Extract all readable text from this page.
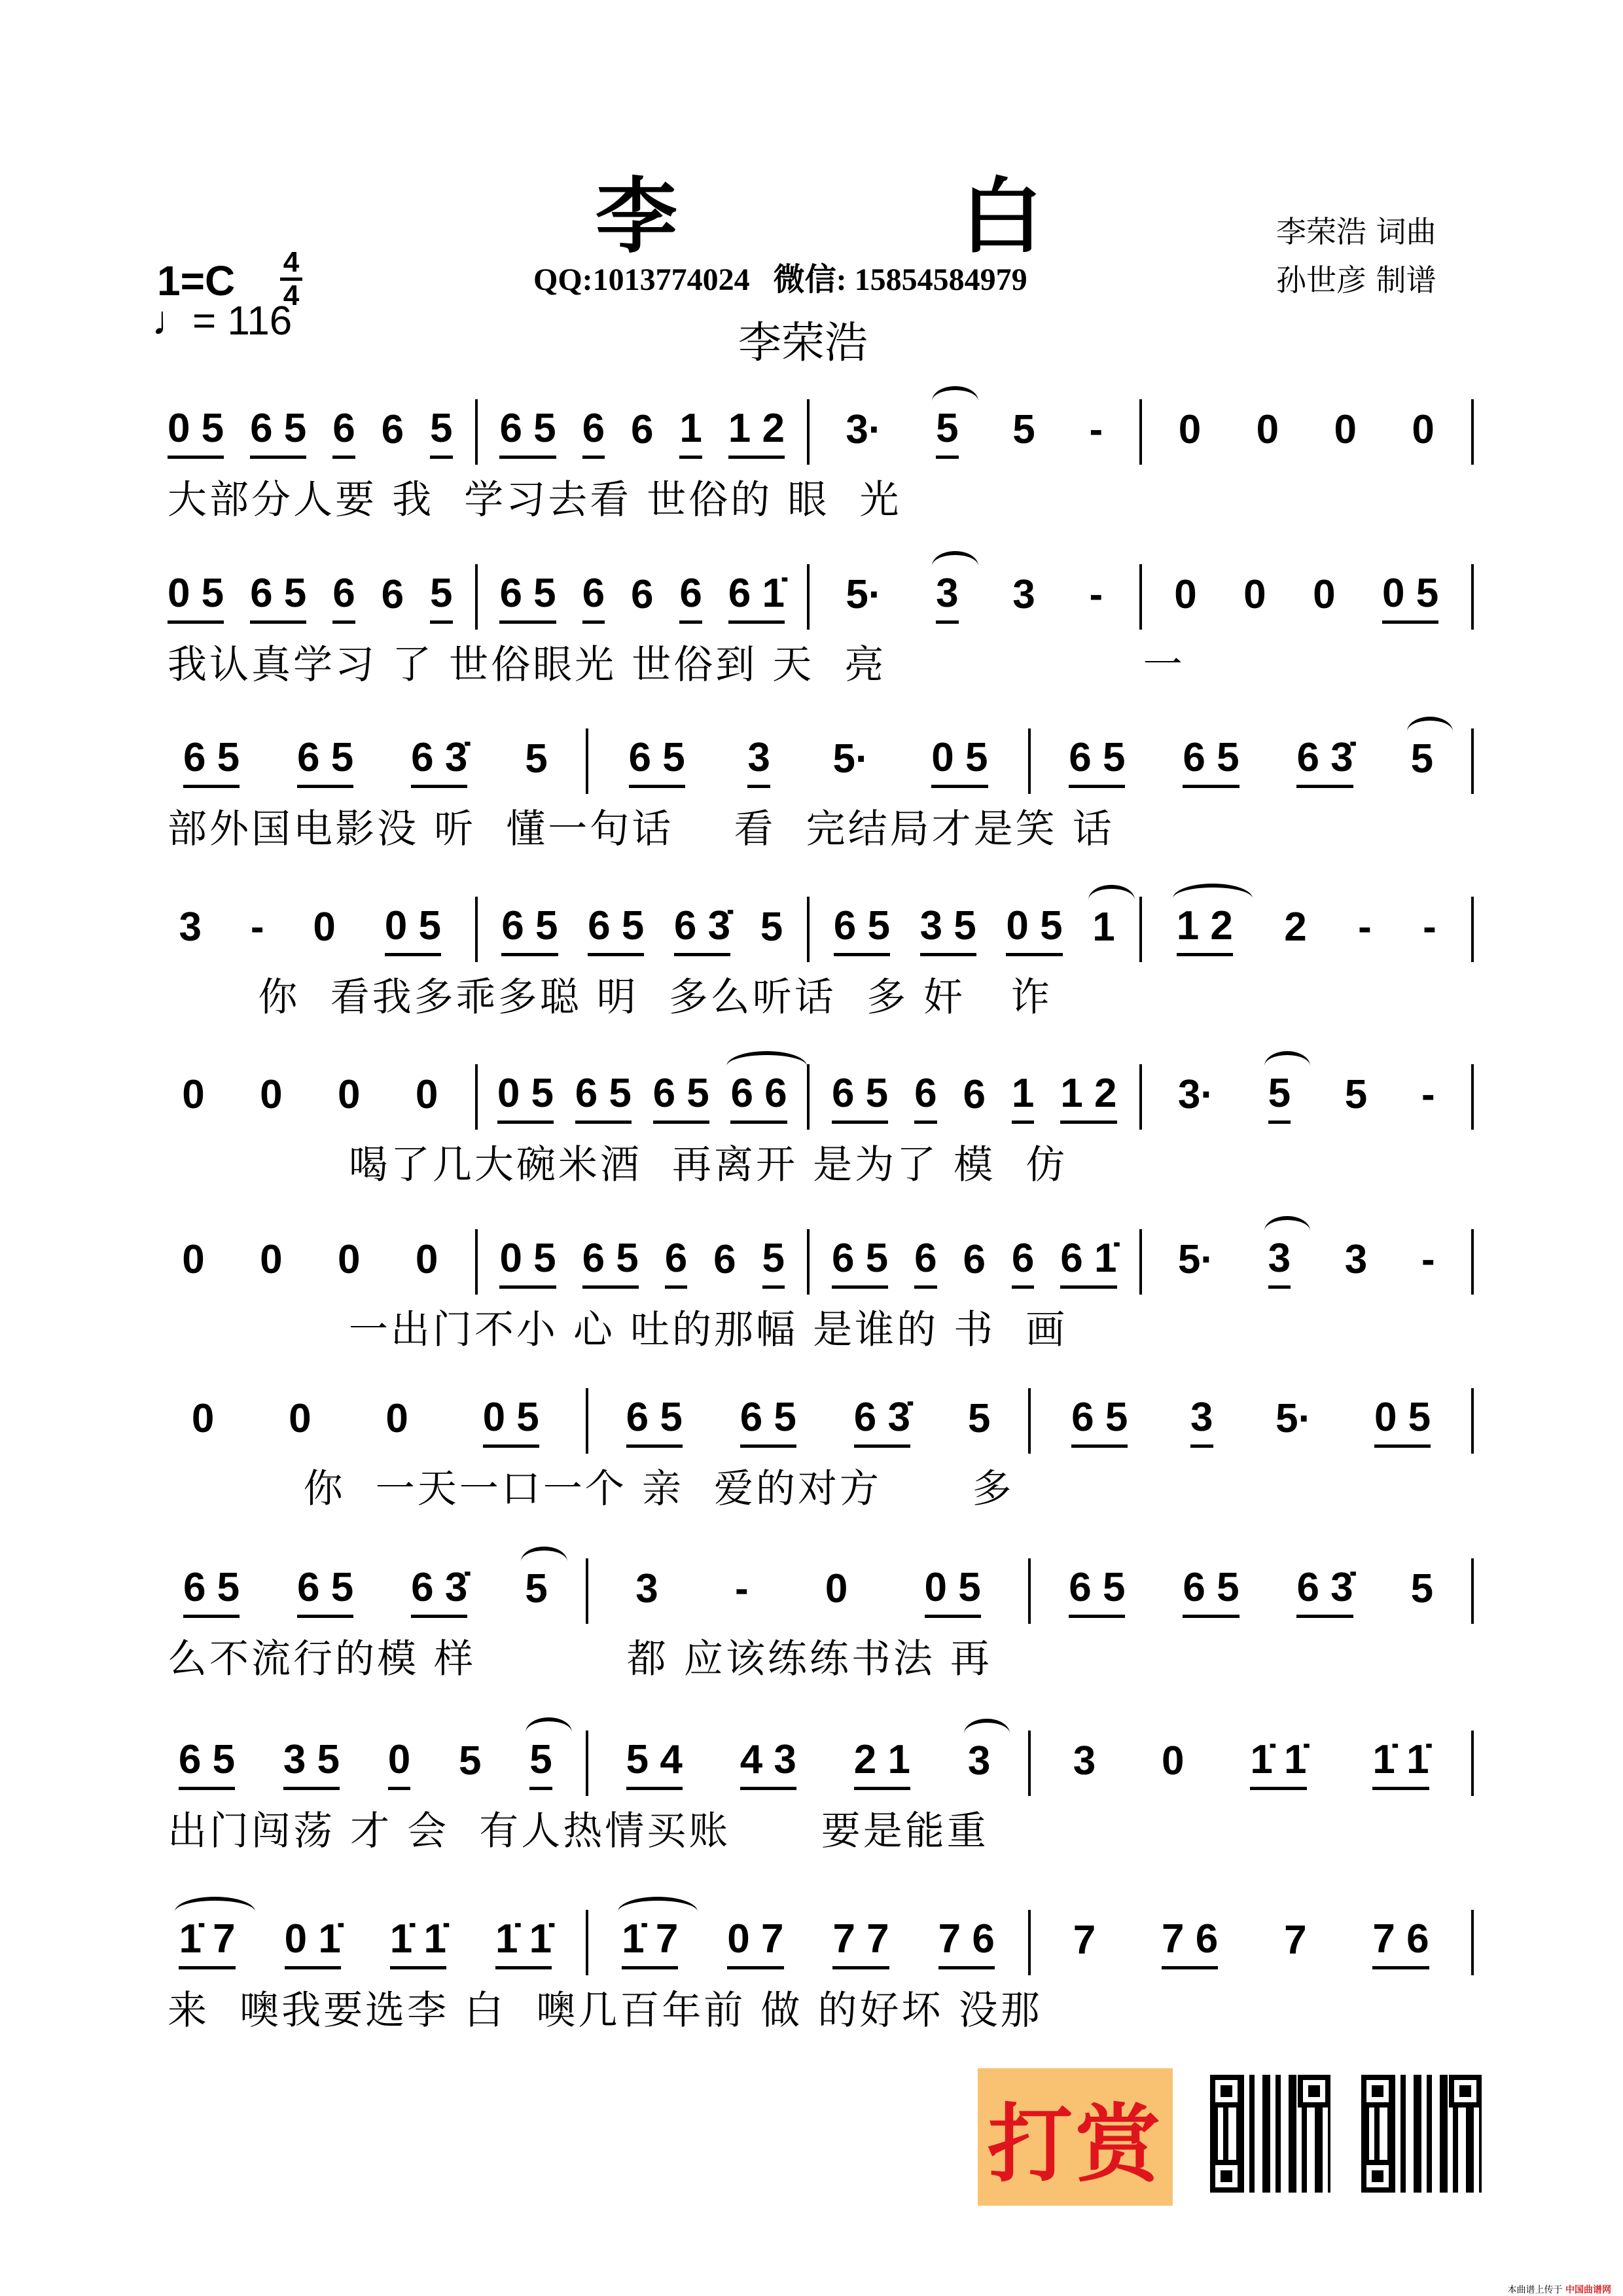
李	白
QQ:1013774024   微信: 15854584979
李荣浩
李荣浩 词曲
孙世彦 制谱
1=C 4
4
♩= 116
0 5 6 5 6 6 5 6 5 6 6 1 1 2 3· 5 5 - 0 0 0 0
大部分人要 我  学习去看 世俗的 眼  光
0 5 6 5 6 6 5 6 5 6 6 6 6 1̇ 5· 3 3 - 0 0 0 0 5
我认真学习 了 世俗眼光 世俗到 天  亮                 一
6 5 6 5 6 3̇ 5 6 5 3 5· 0 5 6 5 6 5 6 3̇ 5
部外国电影没 听  懂一句话    看  完结局才是笑 话
3 - 0 0 5 6 5 6 5 6 3̇ 5 6 5 3 5 0 5 1 1 2 2 - -
你  看我多乖多聪 明  多么听话  多 奸   诈
0 0 0 0 0 5 6 5 6 5 6 6 6 5 6 6 1 1 2 3· 5 5 -
喝了几大碗米酒  再离开 是为了 模  仿
0 0 0 0 0 5 6 5 6 6 5 6 5 6 6 6 6 1̇ 5· 3 3 -
一出门不小 心 吐的那幅 是谁的 书  画
0 0 0 0 5 6 5 6 5 6 3̇ 5 6 5 3 5· 0 5
你  一天一口一个 亲  爱的对方      多
6 5 6 5 6 3̇ 5 3 - 0 0 5 6 5 6 5 6 3̇ 5
么不流行的模 样          都 应该练练书法 再
6 5 3 5 0 5 5 5 4 4 3 2 1 3 3 0 1̇ 1̇ 1̇ 1̇
出门闯荡 才 会  有人热情买账      要是能重
1̇ 7 0 1̇ 1̇ 1̇ 1̇ 1̇ 1̇ 7 0 7 7 7 7 6 7 7 6 7 7 6
来  噢我要选李 白  噢几百年前 做 的好坏 没那
打赏
本曲谱上传于 中国曲谱网
